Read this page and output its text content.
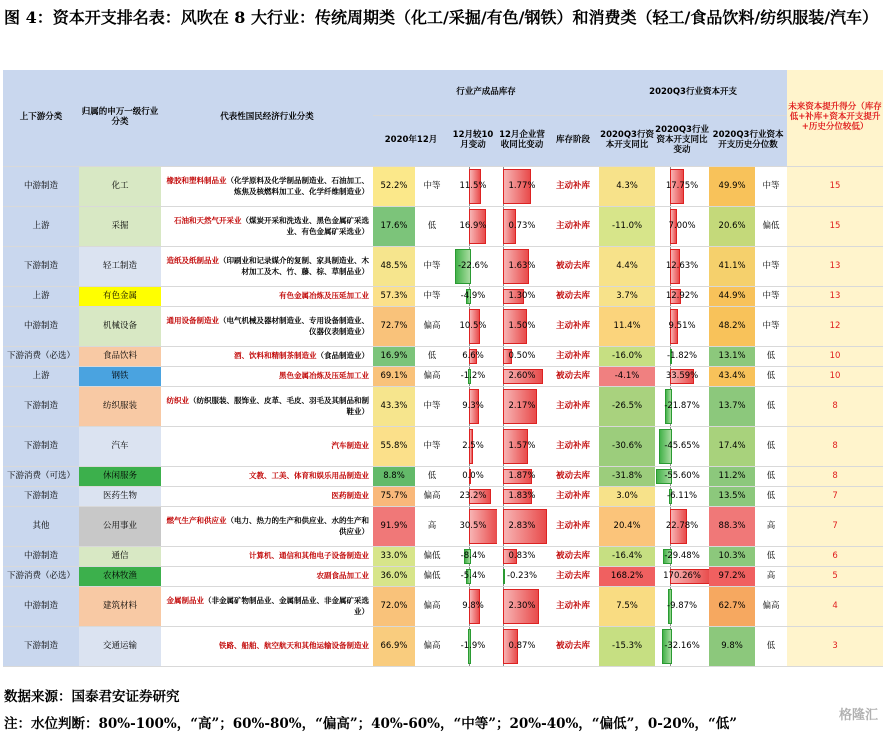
图 4：资本开支排名表：风吹在 8 大行业：传统周期类（化工/采掘/有色/钢铁）和消费类（轻工/食品饮料/纺织服装/汽车）
上下游分类	归属的申万一级行业分类	代表性国民经济行业分类	行业产成品库存					2020Q3行业资本开支				未来资本提升得分（库存低+补库+资本开支提升+历史分位较低）
			2020年12月		12月较10月变动	12月企业营收同比变动	库存阶段	2020Q3行资本开支同比	2020Q3行业资本开支同比变动	2020Q3行业资本开支历史分位数		
中游制造	化工	橡胶和塑料制品业（化学原料及化学制品制造业、石油加工、炼焦及核燃料加工业、化学纤维制造业）	52.2%	中等	11.5%	1.77%	主动补库	4.3%	17.75%	49.9%	中等	15
上游	采掘	石油和天然气开采业（煤炭开采和洗选业、黑色金属矿采选业、有色金属矿采选业）	17.6%	低	16.9%	0.73%	主动补库	-11.0%	7.00%	20.6%	偏低	15
下游制造	轻工制造	造纸及纸制品业（印刷业和记录媒介的复制、家具制造业、木材加工及木、竹、藤、棕、草制品业）	48.5%	中等	-22.6%	1.63%	被动去库	4.4%	12.63%	41.1%	中等	13
上游	有色金属	有色金属冶炼及压延加工业	57.3%	中等	-4.9%	1.30%	被动去库	3.7%	12.92%	44.9%	中等	13
中游制造	机械设备	通用设备制造业（电气机械及器材制造业、专用设备制造业、仪器仪表制造业）	72.7%	偏高	10.5%	1.50%	主动补库	11.4%	9.51%	48.2%	中等	12
下游消费（必选）	食品饮料	酒、饮料和精制茶制造业（食品制造业）	16.9%	低	6.6%	0.50%	主动补库	-16.0%	-1.82%	13.1%	低	10
上游	钢铁	黑色金属冶炼及压延加工业	69.1%	偏高	-1.2%	2.60%	被动去库	-4.1%	33.59%	43.4%	低	10
下游制造	纺织服装	纺织业（纺织服装、服饰业、皮革、毛皮、羽毛及其制品和制鞋业）	43.3%	中等	9.3%	2.17%	主动补库	-26.5%	-21.87%	13.7%	低	8
下游制造	汽车	汽车制造业	55.8%	中等	2.5%	1.57%	主动补库	-30.6%	-45.65%	17.4%	低	8
下游消费（可选）	休闲服务	文教、工美、体育和娱乐用品制造业	8.8%	低	0.0%	1.87%	被动去库	-31.8%	-55.60%	11.2%	低	8
下游制造	医药生物	医药制造业	75.7%	偏高	23.2%	1.83%	主动补库	3.0%	-6.11%	13.5%	低	7
其他	公用事业	燃气生产和供应业（电力、热力的生产和供应业、水的生产和供应业）	91.9%	高	30.5%	2.83%	主动补库	20.4%	22.78%	88.3%	高	7
中游制造	通信	计算机、通信和其他电子设备制造业	33.0%	偏低	-8.4%	0.83%	被动去库	-16.4%	-29.48%	10.3%	低	6
下游消费（必选）	农林牧渔	农副食品加工业	36.0%	偏低	-5.4%	-0.23%	主动去库	168.2%	170.26%	97.2%	高	5
中游制造	建筑材料	金属制品业（非金属矿物制品业、金属制品业、非金属矿采选业）	72.0%	偏高	9.8%	2.30%	主动补库	7.5%	-9.87%	62.7%	偏高	4
下游制造	交通运输	铁路、船舶、航空航天和其他运输设备制造业	66.9%	偏高	-1.9%	0.87%	被动去库	-15.3%	-32.16%	9.8%	低	3
数据来源：国泰君安证券研究
注：水位判断：80%-100%，“高”；60%-80%，“偏高”；40%-60%，“中等”；20%-40%，“偏低”，0-20%，“低”
格隆汇
